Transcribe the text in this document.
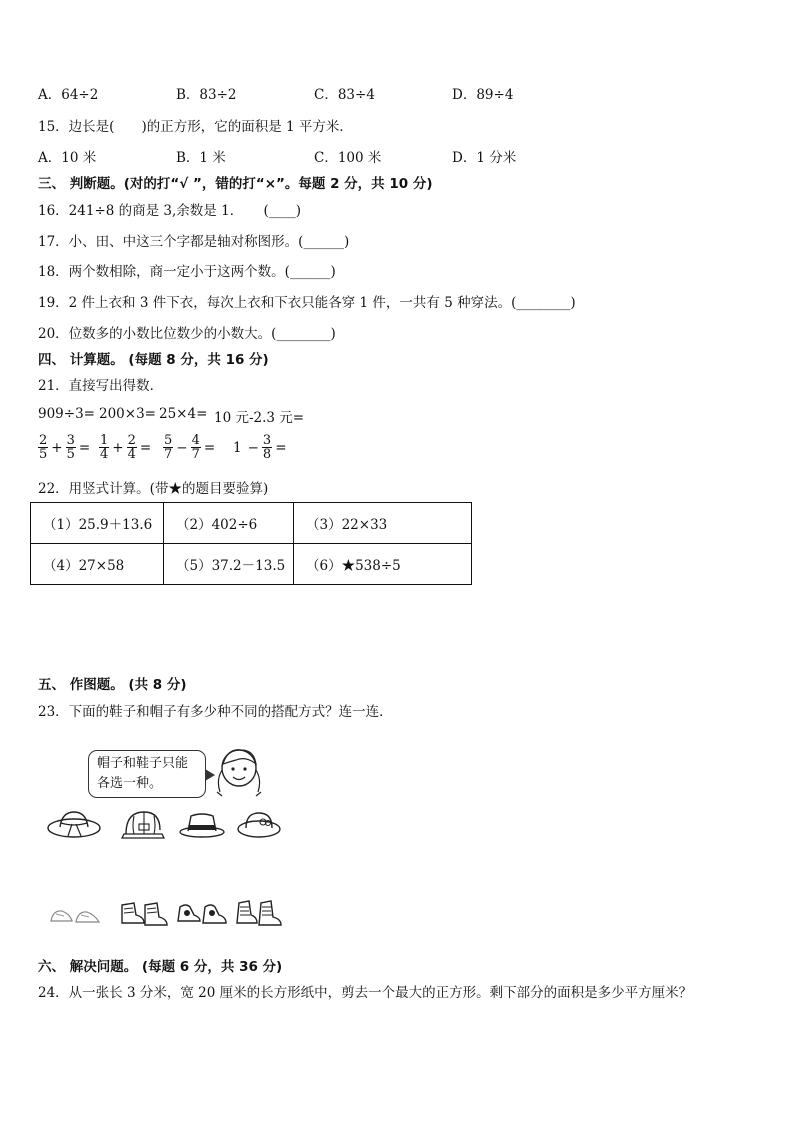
A．64÷2	B．83÷2	C．83÷4	D．89÷4
15．边长是(　　)的正方形，它的面积是 1 平方米．
A．10 米	B．1 米	C．100 米	D．1 分米
三、 判断题。(对的打“√ ”，错的打“×”。每题 2 分，共 10 分)
16．241÷8 的商是 3,余数是 1．　　(____)
17．小、田、中这三个字都是轴对称图形。(______)
18．两个数相除，商一定小于这两个数。(______)
19．2 件上衣和 3 件下衣，每次上衣和下衣只能各穿 1 件，一共有 5 种穿法。(________)
20．位数多的小数比位数少的小数大。(________)
四、 计算题。 (每题 8 分，共 16 分)
21．直接写出得数．
909÷3= 200×3= 25×4= 10 元-2.3 元=
$\frac{2}{5} + \frac{3}{5} = \frac{1}{4} + \frac{2}{4} = \frac{5}{7} - \frac{4}{7} = 1 - \frac{3}{8}$ =
22．用竖式计算。(带★的题目要验算)
（1）25.9＋13.6	（2）402÷6	（3）22×33
（4）27×58	（5）37.2－13.5	（6）★538÷5
五、 作图题。 (共 8 分)
23．下面的鞋子和帽子有多少种不同的搭配方式？连一连．
帽子和鞋子只能
各选一种。
六、 解决问题。 (每题 6 分，共 36 分)
24．从一张长 3 分米，宽 20 厘米的长方形纸中，剪去一个最大的正方形。剩下部分的面积是多少平方厘米？
